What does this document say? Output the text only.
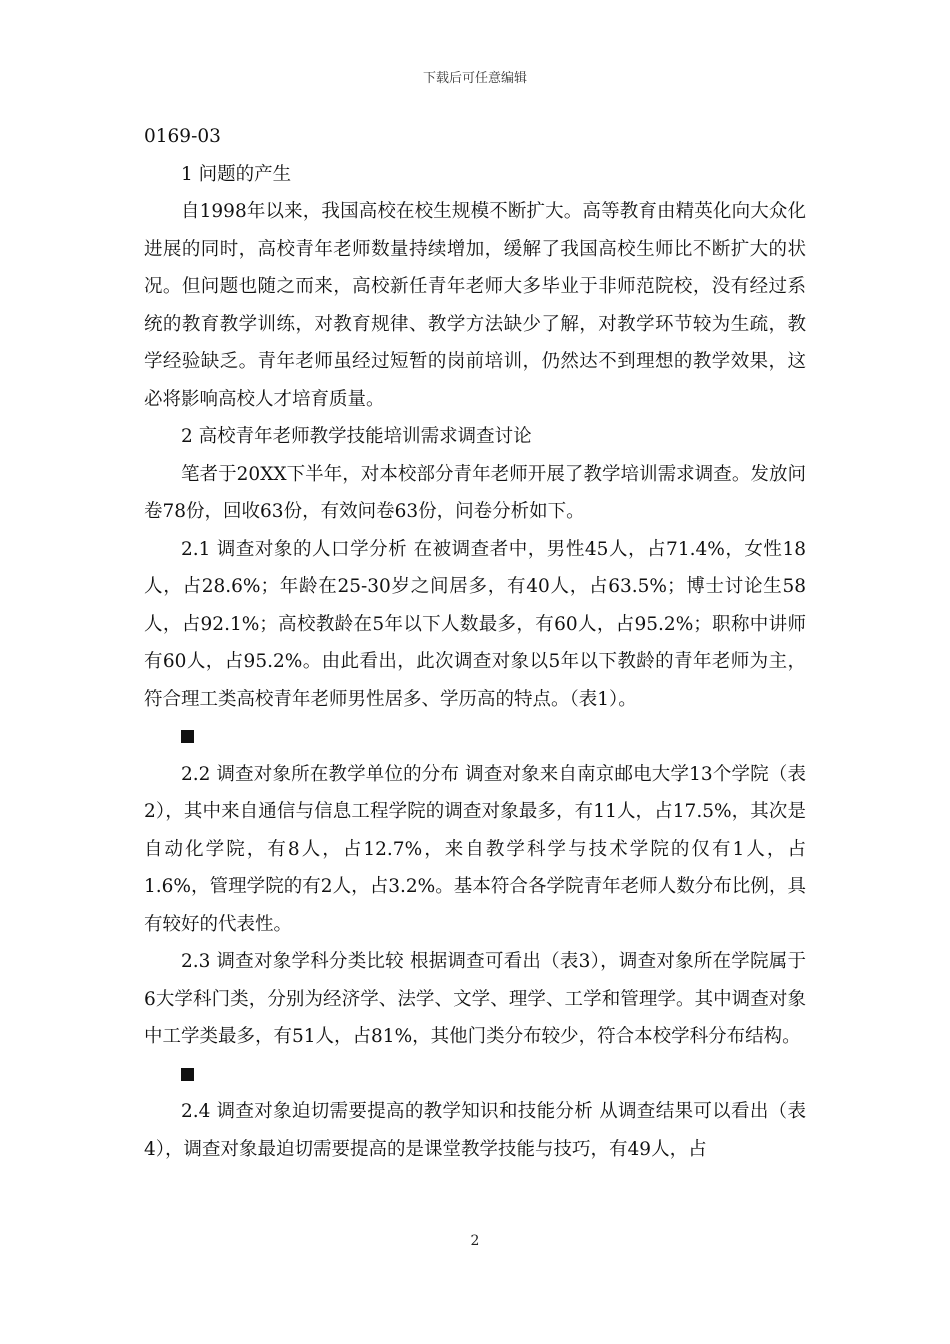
下载后可任意编辑

0169-03

1 问题的产生

自1998年以来，我国高校在校生规模不断扩大。高等教育由精英化向大众化进展的同时，高校青年老师数量持续增加，缓解了我国高校生师比不断扩大的状况。但问题也随之而来，高校新任青年老师大多毕业于非师范院校，没有经过系统的教育教学训练，对教育规律、教学方法缺少了解，对教学环节较为生疏，教学经验缺乏。青年老师虽经过短暂的岗前培训，仍然达不到理想的教学效果，这必将影响高校人才培育质量。

2 高校青年老师教学技能培训需求调查讨论

笔者于20XX下半年，对本校部分青年老师开展了教学培训需求调查。发放问卷78份，回收63份，有效问卷63份，问卷分析如下。

2.1 调查对象的人口学分析 在被调查者中，男性45人，占71.4%，女性18人，占28.6%；年龄在25-30岁之间居多，有40人，占63.5%；博士讨论生58人，占92.1%；高校教龄在5年以下人数最多，有60人，占95.2%；职称中讲师有60人，占95.2%。由此看出，此次调查对象以5年以下教龄的青年老师为主，符合理工类高校青年老师男性居多、学历高的特点。（表1）。

2.2 调查对象所在教学单位的分布 调查对象来自南京邮电大学13个学院（表2），其中来自通信与信息工程学院的调查对象最多，有11人，占17.5%，其次是自动化学院，有8人，占12.7%，来自教学科学与技术学院的仅有1人，占1.6%，管理学院的有2人，占3.2%。基本符合各学院青年老师人数分布比例，具有较好的代表性。

2.3 调查对象学科分类比较 根据调查可看出（表3），调查对象所在学院属于6大学科门类，分别为经济学、法学、文学、理学、工学和管理学。其中调查对象中工学类最多，有51人，占81%，其他门类分布较少，符合本校学科分布结构。

2.4 调查对象迫切需要提高的教学知识和技能分析 从调查结果可以看出（表4），调查对象最迫切需要提高的是课堂教学技能与技巧，有49人，占

2
